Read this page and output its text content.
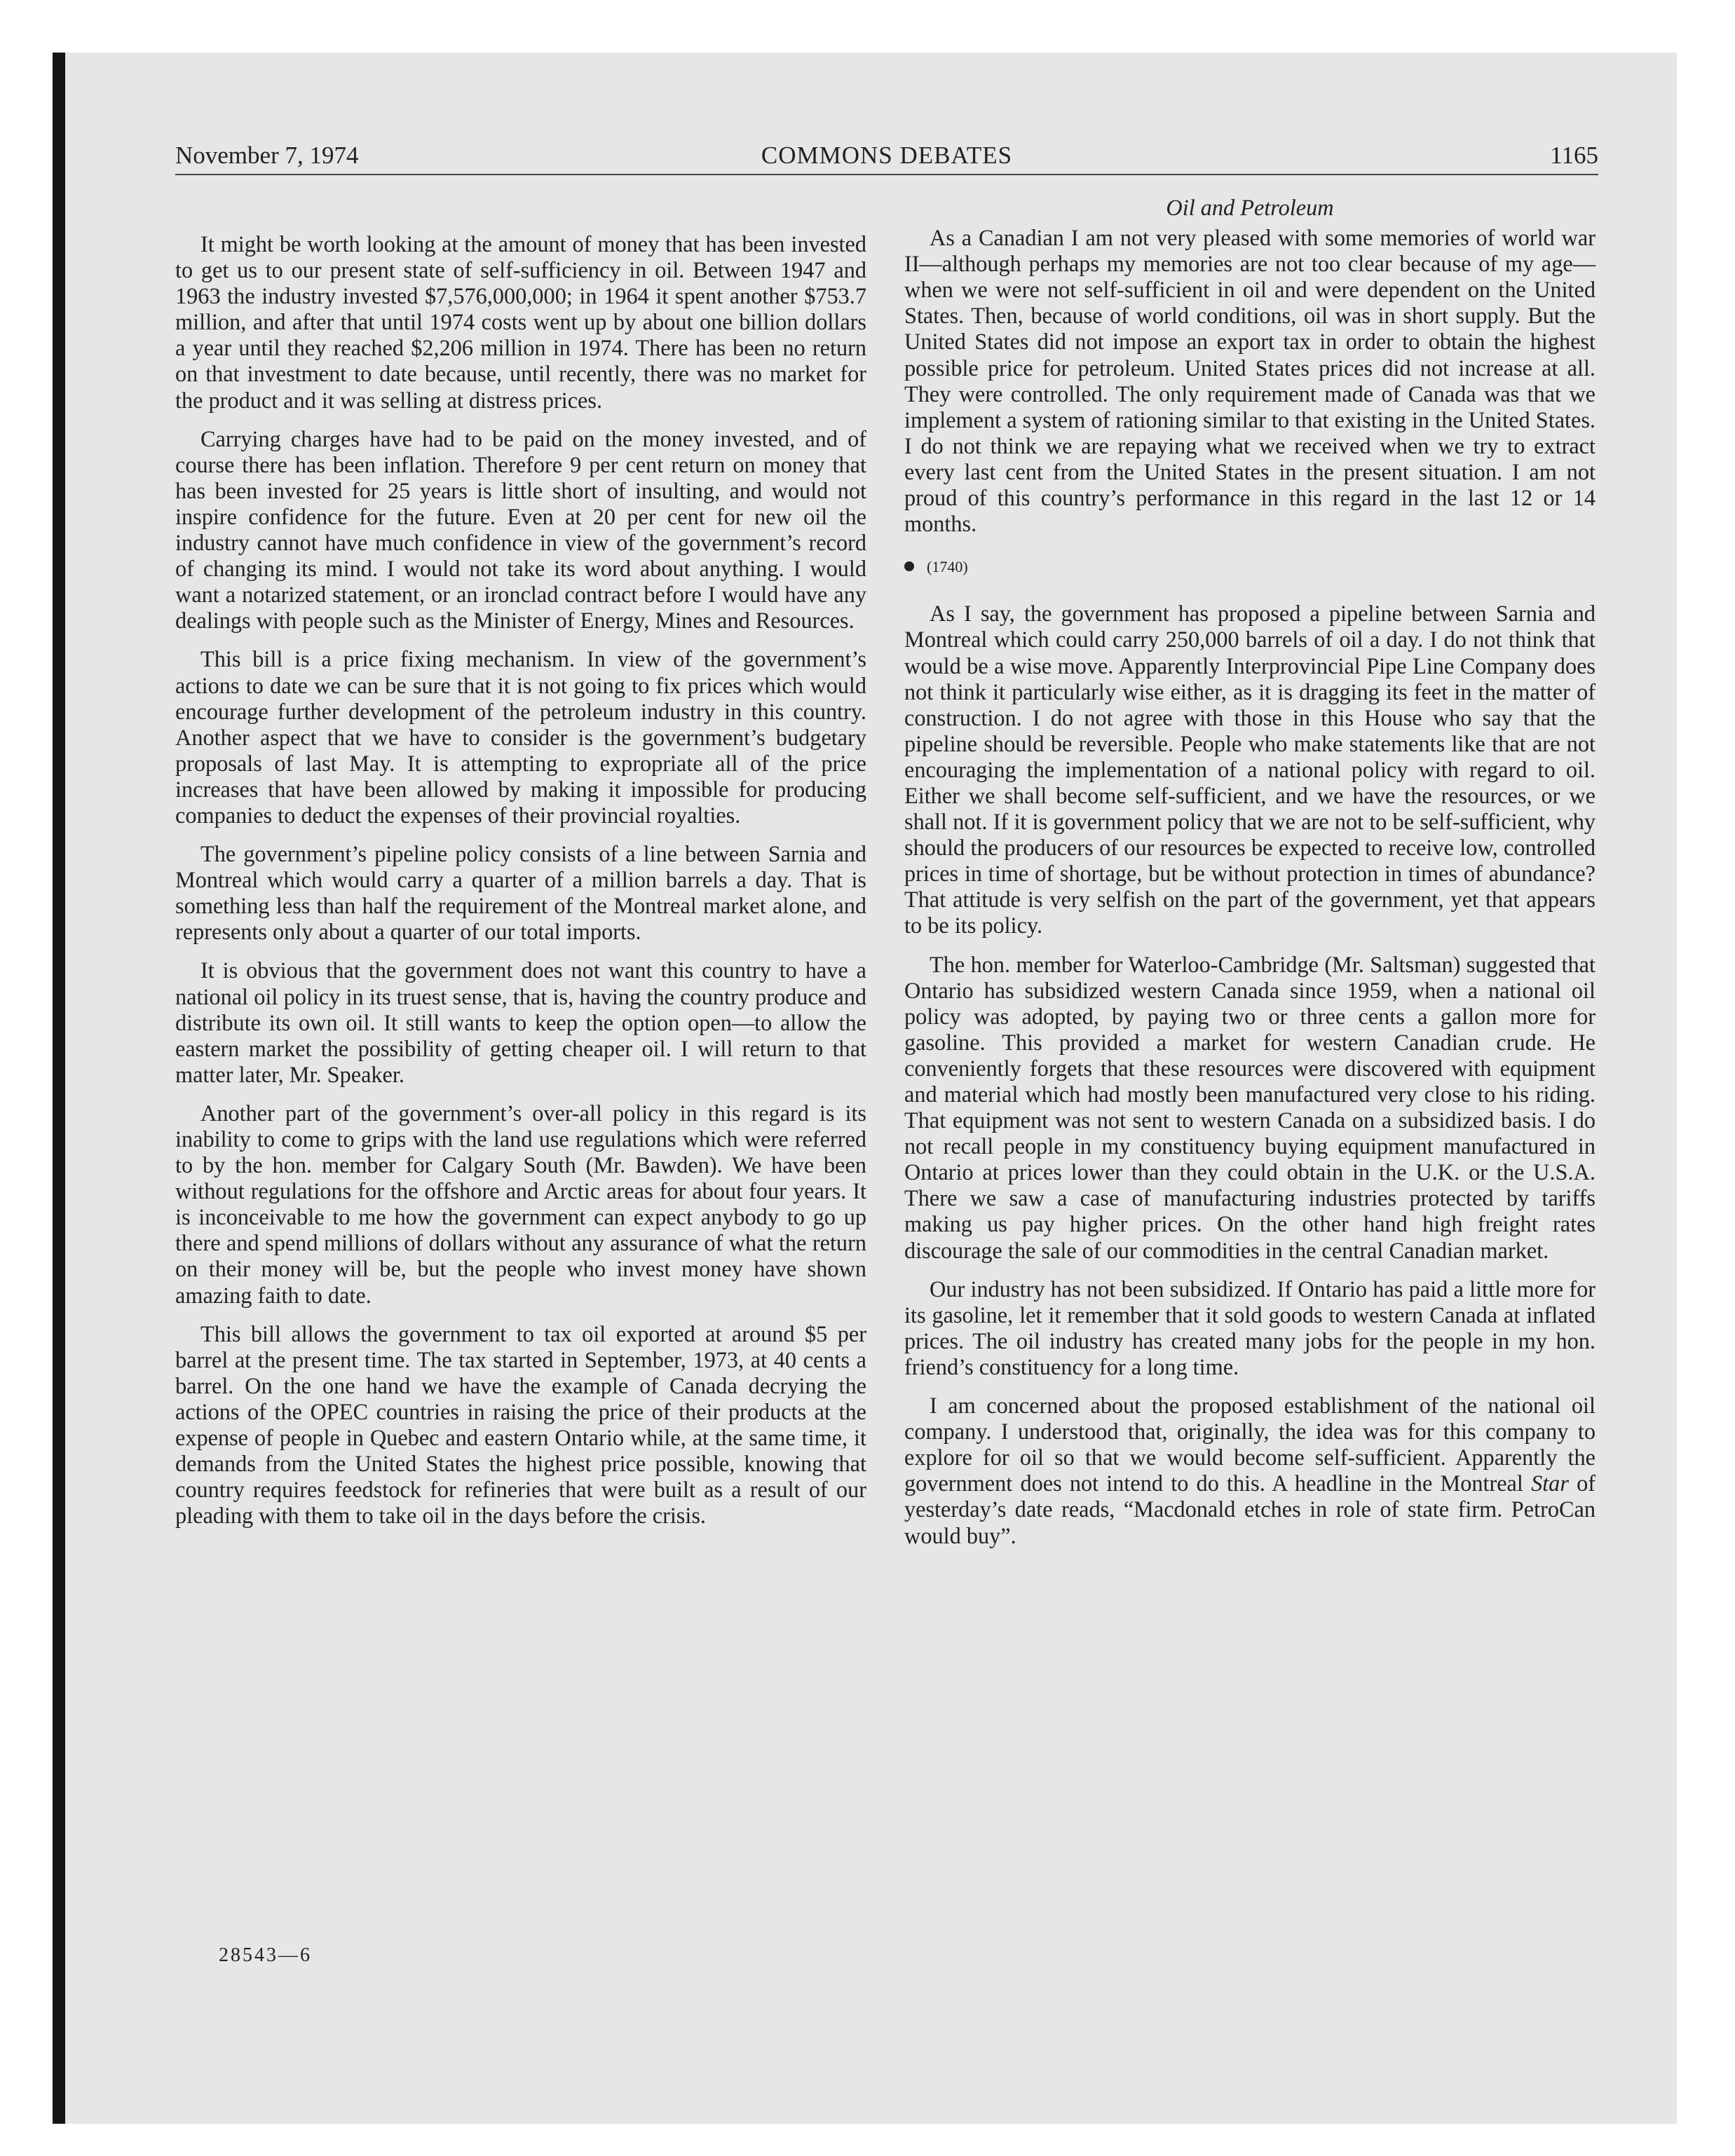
November 7, 1974	COMMONS DEBATES	1165

It might be worth looking at the amount of money that has been invested to get us to our present state of self-sufficiency in oil. Between 1947 and 1963 the industry invested $7,576,000,000; in 1964 it spent another $753.7 million, and after that until 1974 costs went up by about one billion dollars a year until they reached $2,206 million in 1974. There has been no return on that investment to date because, until recently, there was no market for the product and it was selling at distress prices.

Carrying charges have had to be paid on the money invested, and of course there has been inflation. Therefore 9 per cent return on money that has been invested for 25 years is little short of insulting, and would not inspire confidence for the future. Even at 20 per cent for new oil the industry cannot have much confidence in view of the government’s record of changing its mind. I would not take its word about anything. I would want a notarized statement, or an ironclad contract before I would have any dealings with people such as the Minister of Energy, Mines and Resources.

This bill is a price fixing mechanism. In view of the government’s actions to date we can be sure that it is not going to fix prices which would encourage further development of the petroleum industry in this country. Another aspect that we have to consider is the government’s budgetary proposals of last May. It is attempting to expropriate all of the price increases that have been allowed by making it impossible for producing companies to deduct the expenses of their provincial royalties.

The government’s pipeline policy consists of a line between Sarnia and Montreal which would carry a quarter of a million barrels a day. That is something less than half the requirement of the Montreal market alone, and represents only about a quarter of our total imports.

It is obvious that the government does not want this country to have a national oil policy in its truest sense, that is, having the country produce and distribute its own oil. It still wants to keep the option open—to allow the eastern market the possibility of getting cheaper oil. I will return to that matter later, Mr. Speaker.

Another part of the government’s over-all policy in this regard is its inability to come to grips with the land use regulations which were referred to by the hon. member for Calgary South (Mr. Bawden). We have been without regulations for the offshore and Arctic areas for about four years. It is inconceivable to me how the government can expect anybody to go up there and spend millions of dollars without any assurance of what the return on their money will be, but the people who invest money have shown amazing faith to date.

This bill allows the government to tax oil exported at around $5 per barrel at the present time. The tax started in September, 1973, at 40 cents a barrel. On the one hand we have the example of Canada decrying the actions of the OPEC countries in raising the price of their products at the expense of people in Quebec and eastern Ontario while, at the same time, it demands from the United States the highest price possible, knowing that country requires feedstock for refineries that were built as a result of our pleading with them to take oil in the days before the crisis.

Oil and Petroleum

As a Canadian I am not very pleased with some memories of world war II—although perhaps my memories are not too clear because of my age—when we were not self-sufficient in oil and were dependent on the United States. Then, because of world conditions, oil was in short supply. But the United States did not impose an export tax in order to obtain the highest possible price for petroleum. United States prices did not increase at all. They were controlled. The only requirement made of Canada was that we implement a system of rationing similar to that existing in the United States. I do not think we are repaying what we received when we try to extract every last cent from the United States in the present situation. I am not proud of this country’s performance in this regard in the last 12 or 14 months.

(1740)

As I say, the government has proposed a pipeline between Sarnia and Montreal which could carry 250,000 barrels of oil a day. I do not think that would be a wise move. Apparently Interprovincial Pipe Line Company does not think it particularly wise either, as it is dragging its feet in the matter of construction. I do not agree with those in this House who say that the pipeline should be reversible. People who make statements like that are not encouraging the implementation of a national policy with regard to oil. Either we shall become self-sufficient, and we have the resources, or we shall not. If it is government policy that we are not to be self-sufficient, why should the producers of our resources be expected to receive low, controlled prices in time of shortage, but be without protection in times of abundance? That attitude is very selfish on the part of the government, yet that appears to be its policy.

The hon. member for Waterloo-Cambridge (Mr. Saltsman) suggested that Ontario has subsidized western Canada since 1959, when a national oil policy was adopted, by paying two or three cents a gallon more for gasoline. This provided a market for western Canadian crude. He conveniently forgets that these resources were discovered with equipment and material which had mostly been manufactured very close to his riding. That equipment was not sent to western Canada on a subsidized basis. I do not recall people in my constituency buying equipment manufactured in Ontario at prices lower than they could obtain in the U.K. or the U.S.A. There we saw a case of manufacturing industries protected by tariffs making us pay higher prices. On the other hand high freight rates discourage the sale of our commodities in the central Canadian market.

Our industry has not been subsidized. If Ontario has paid a little more for its gasoline, let it remember that it sold goods to western Canada at inflated prices. The oil industry has created many jobs for the people in my hon. friend’s constituency for a long time.

I am concerned about the proposed establishment of the national oil company. I understood that, originally, the idea was for this company to explore for oil so that we would become self-sufficient. Apparently the government does not intend to do this. A headline in the Montreal Star of yesterday’s date reads, “Macdonald etches in role of state firm. PetroCan would buy”.

28543—6
